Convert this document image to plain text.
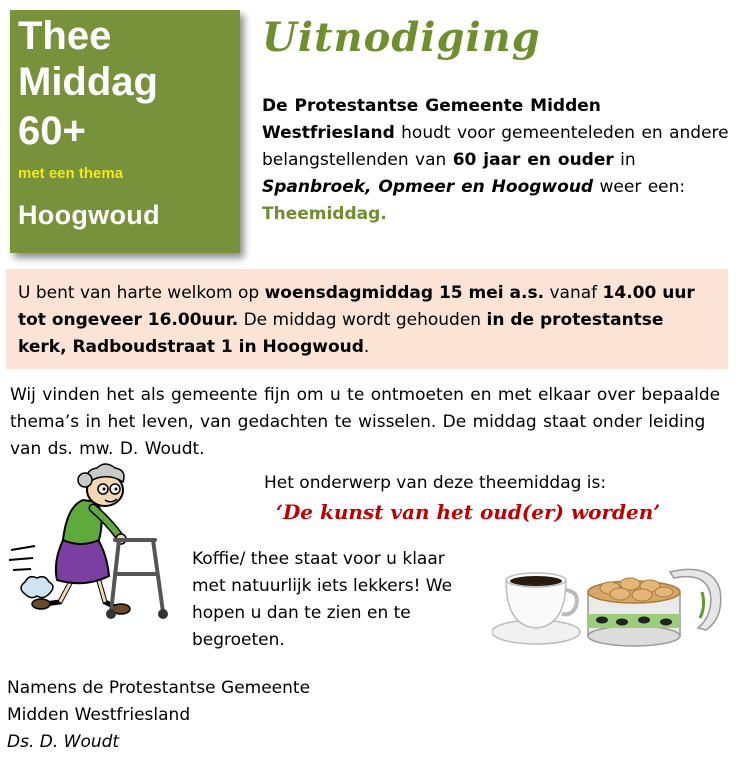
Thee
Middag
60+
met een thema
Hoogwoud
Uitnodiging
De Protestantse Gemeente Midden Westfriesland houdt voor gemeenteleden en andere belangstellenden van 60 jaar en ouder in Spanbroek, Opmeer en Hoogwoud weer een: Theemiddag.
U bent van harte welkom op woensdagmiddag 15 mei a.s. vanaf 14.00 uur tot ongeveer 16.00uur. De middag wordt gehouden in de protestantse kerk, Radboudstraat 1 in Hoogwoud.
Wij vinden het als gemeente fijn om u te ontmoeten en met elkaar over bepaalde thema’s in het leven, van gedachten te wisselen. De middag staat onder leiding van ds. mw. D. Woudt.
Het onderwerp van deze theemiddag is:
‘De kunst van het oud(er) worden’
Koffie/ thee staat voor u klaar met natuurlijk iets lekkers! We hopen u dan te zien en te begroeten.
Namens de Protestantse Gemeente
Midden Westfriesland
Ds. D. Woudt
